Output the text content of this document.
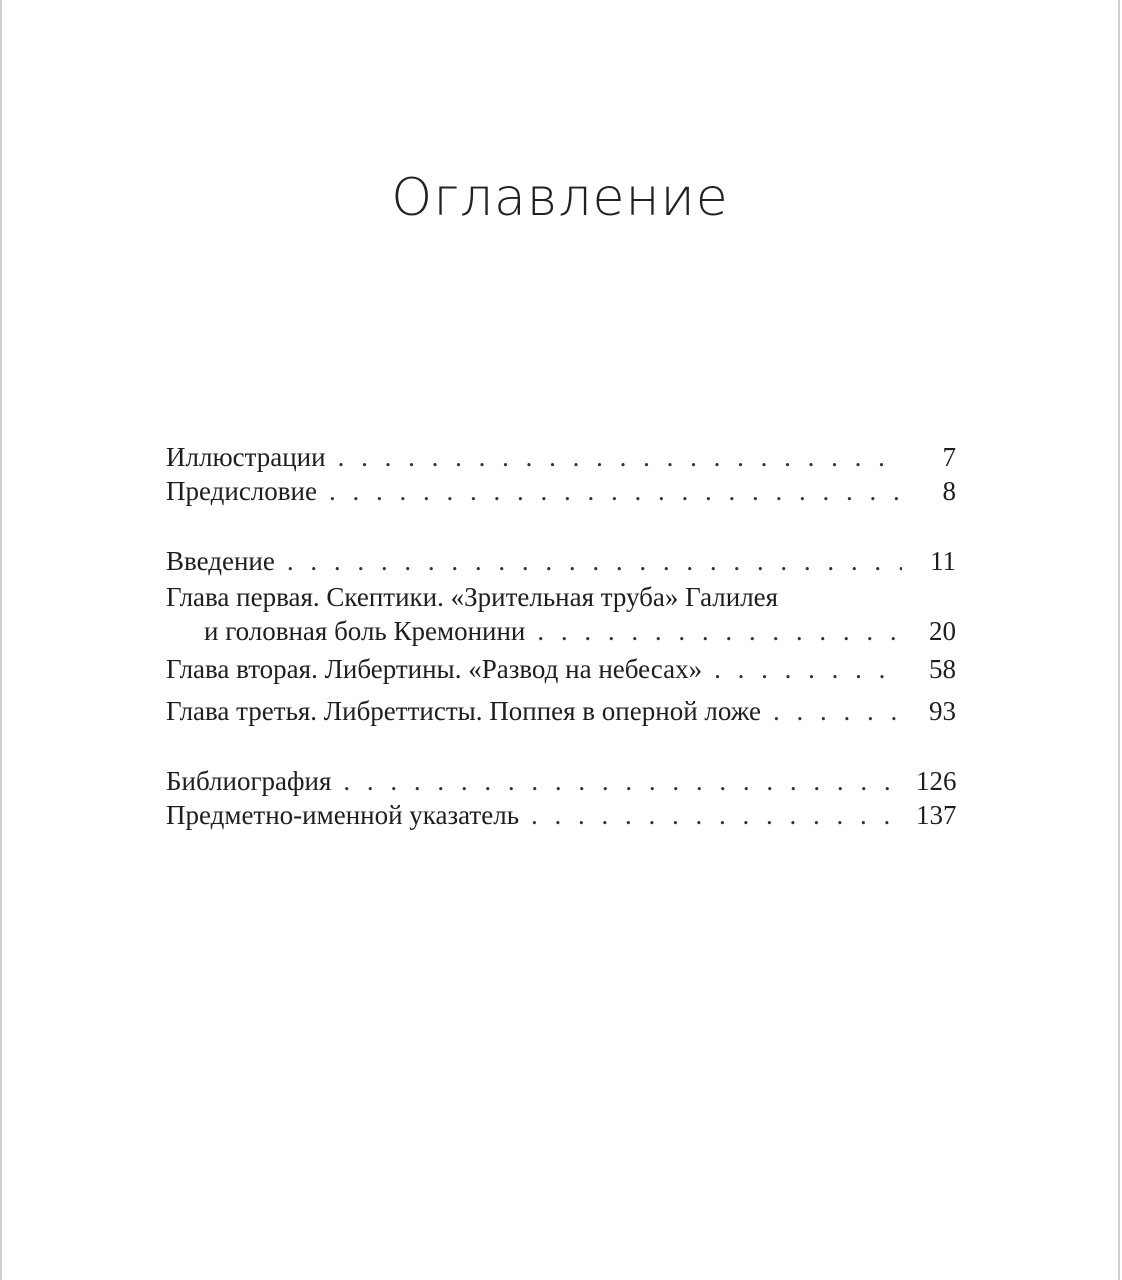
Оглавление
Иллюстрации . . .	7
Предисловие . . .	8
Введение . . .	11
Глава первая. Скептики. «Зрительная труба» Галилея
и головная боль Кремонини . . .	20
Глава вторая. Либертины. «Развод на небесах» . . .	58
Глава третья. Либреттисты. Поппея в оперной ложе . . .	93
Библиография . . .	126
Предметно-именной указатель . . .	137
